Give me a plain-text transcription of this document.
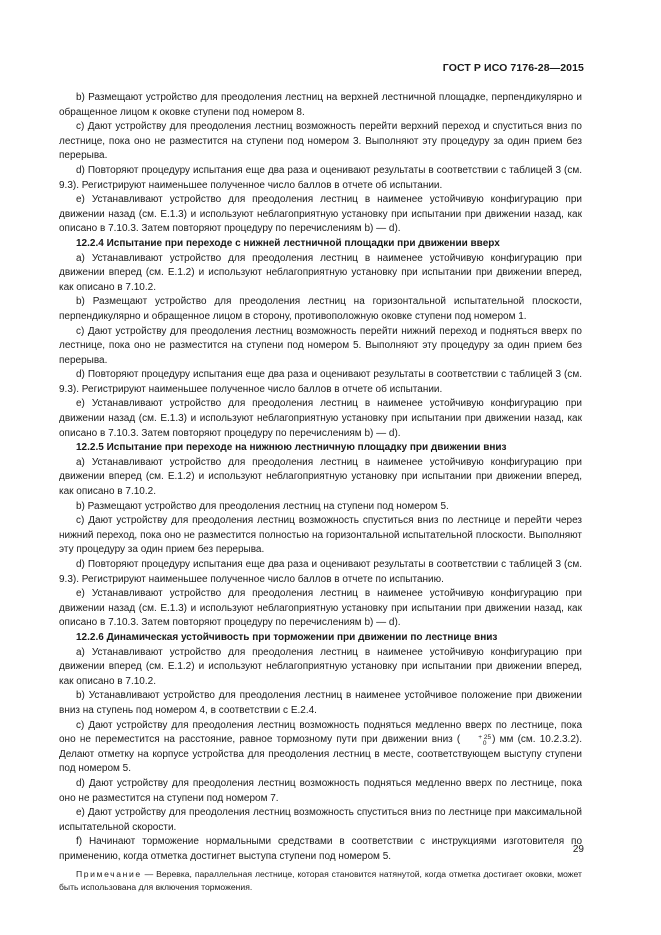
ГОСТ Р ИСО 7176-28—2015

b) Размещают устройство для преодоления лестниц на верхней лестничной площадке, перпендикулярно и обращенное лицом к оковке ступени под номером 8.

c) Дают устройству для преодоления лестниц возможность перейти верхний переход и спуститься вниз по лестнице, пока оно не разместится на ступени под номером 3. Выполняют эту процедуру за один прием без перерыва.

d) Повторяют процедуру испытания еще два раза и оценивают результаты в соответствии с таблицей 3 (см. 9.3). Регистрируют наименьшее полученное число баллов в отчете об испытании.

e) Устанавливают устройство для преодоления лестниц в наименее устойчивую конфигурацию при движении назад (см. Е.1.3) и используют неблагоприятную установку при испытании при движении назад, как описано в 7.10.3. Затем повторяют процедуру по перечислениям b) — d).

12.2.4 Испытание при переходе с нижней лестничной площадки при движении вверх

a) Устанавливают устройство для преодоления лестниц в наименее устойчивую конфигурацию при движении вперед (см. Е.1.2) и используют неблагоприятную установку при испытании при движении вперед, как описано в 7.10.2.

b) Размещают устройство для преодоления лестниц на горизонтальной испытательной плоскости, перпендикулярно и обращенное лицом в сторону, противоположную оковке ступени под номером 1.

c) Дают устройству для преодоления лестниц возможность перейти нижний переход и подняться вверх по лестнице, пока оно не разместится на ступени под номером 5. Выполняют эту процедуру за один прием без перерыва.

d) Повторяют процедуру испытания еще два раза и оценивают результаты в соответствии с таблицей 3 (см. 9.3). Регистрируют наименьшее полученное число баллов в отчете об испытании.

e) Устанавливают устройство для преодоления лестниц в наименее устойчивую конфигурацию при движении назад (см. Е.1.3) и используют неблагоприятную установку при испытании при движении назад, как описано в 7.10.3. Затем повторяют процедуру по перечислениям b) — d).

12.2.5 Испытание при переходе на нижнюю лестничную площадку при движении вниз

a) Устанавливают устройство для преодоления лестниц в наименее устойчивую конфигурацию при движении вперед (см. Е.1.2) и используют неблагоприятную установку при испытании при движении вперед, как описано в 7.10.2.

b) Размещают устройство для преодоления лестниц на ступени под номером 5.

c) Дают устройству для преодоления лестниц возможность спуститься вниз по лестнице и перейти через нижний переход, пока оно не разместится полностью на горизонтальной испытательной плоскости. Выполняют эту процедуру за один прием без перерыва.

d) Повторяют процедуру испытания еще два раза и оценивают результаты в соответствии с таблицей 3 (см. 9.3). Регистрируют наименьшее полученное число баллов в отчете по испытанию.

e) Устанавливают устройство для преодоления лестниц в наименее устойчивую конфигурацию при движении назад (см. Е.1.3) и используют неблагоприятную установку при испытании при движении назад, как описано в 7.10.3. Затем повторяют процедуру по перечислениям b) — d).

12.2.6 Динамическая устойчивость при торможении при движении по лестнице вниз

a) Устанавливают устройство для преодоления лестниц в наименее устойчивую конфигурацию при движении вперед (см. Е.1.2) и используют неблагоприятную установку при испытании при движении вперед, как описано в 7.10.2.

b) Устанавливают устройство для преодоления лестниц в наименее устойчивое положение при движении вниз на ступень под номером 4, в соответствии с Е.2.4.

c) Дают устройству для преодоления лестниц возможность подняться медленно вверх по лестнице, пока оно не переместится на расстояние, равное тормозному пути при движении вниз (	+ 25
0 ) мм (см. 10.2.3.2). Делают отметку на корпусе устройства для преодоления лестниц в месте, соответствующем выступу ступени под номером 5.

d) Дают устройству для преодоления лестниц возможность подняться медленно вверх по лестнице, пока оно не разместится на ступени под номером 7.

e) Дают устройству для преодоления лестниц возможность спуститься вниз по лестнице при максимальной испытательной скорости.

f) Начинают торможение нормальными средствами в соответствии с инструкциями изготовителя по применению, когда отметка достигнет выступа ступени под номером 5.

Примечание — Веревка, параллельная лестнице, которая становится натянутой, когда отметка достигает оковки, может быть использована для включения торможения.

29
